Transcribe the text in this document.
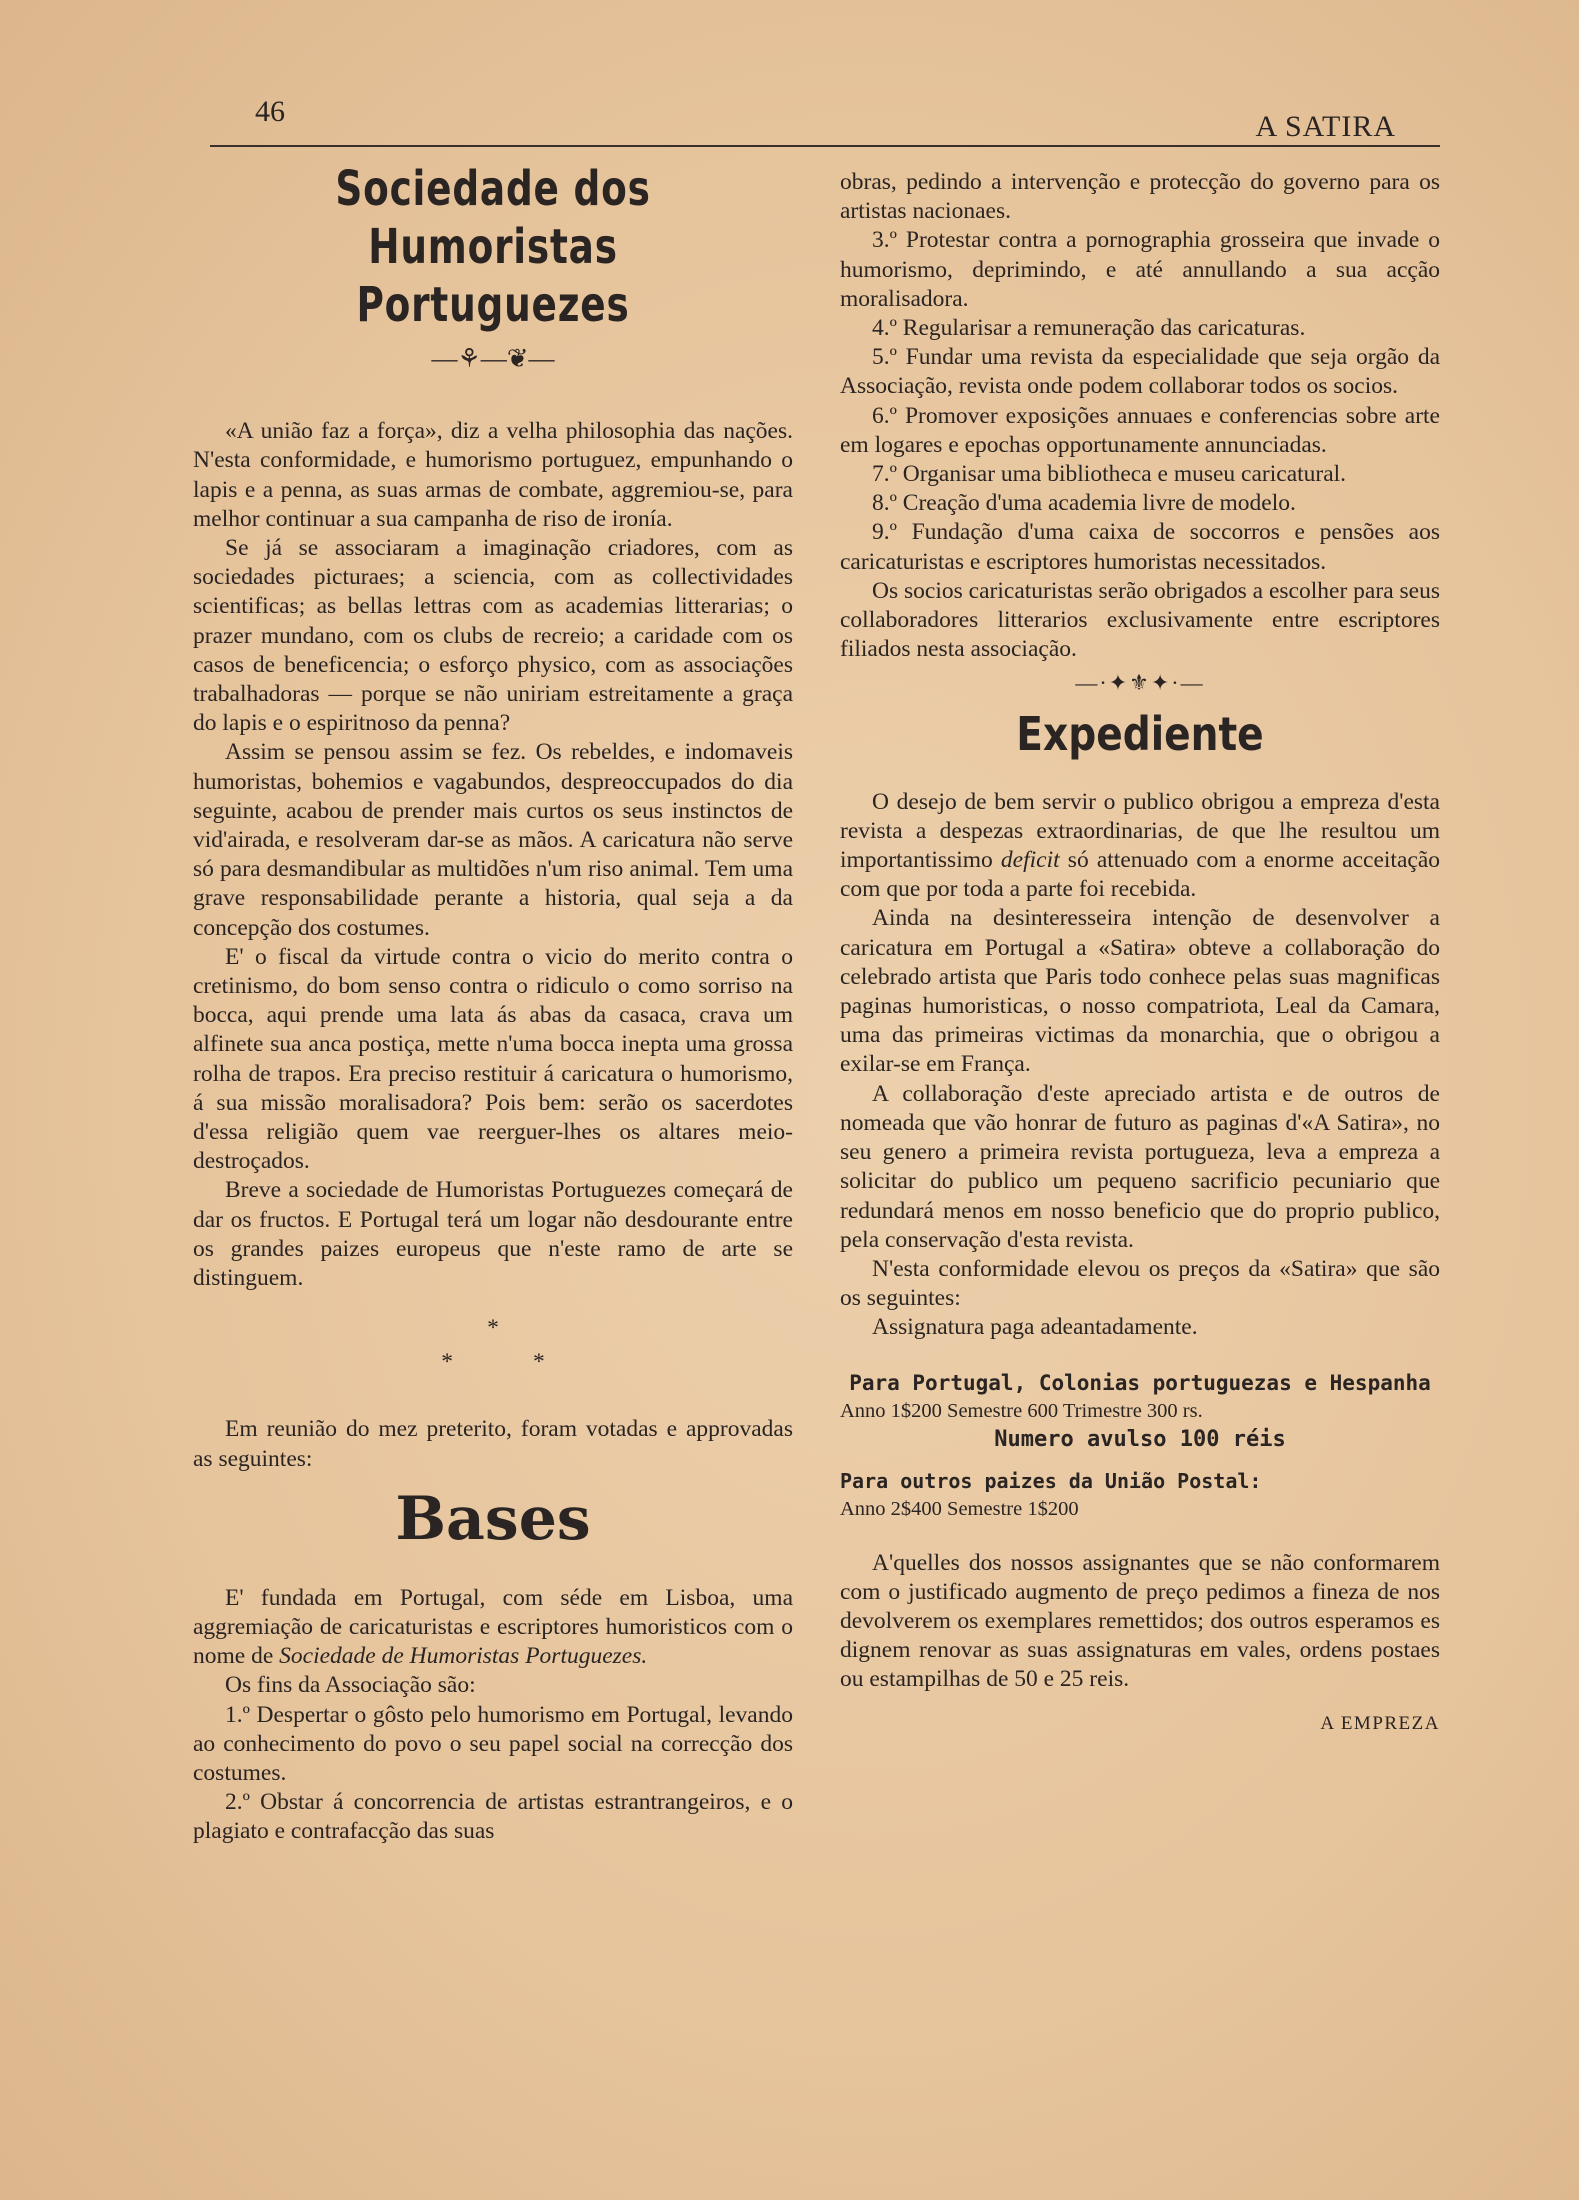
46	A SATIRA
Sociedade dos Humoristas
Portuguezes
—⚘—❦—

«A união faz a força», diz a velha philosophia das nações. N'esta conformidade, e humorismo portuguez, empunhando o lapis e a penna, as suas armas de combate, aggremiou-se, para melhor continuar a sua campanha de riso de ironía.

Se já se associaram a imaginação criadores, com as sociedades picturaes; a sciencia, com as collectividades scientificas; as bellas lettras com as academias litterarias; o prazer mundano, com os clubs de recreio; a caridade com os casos de beneficencia; o esforço physico, com as associações trabalhadoras — porque se não uniriam estreitamente a graça do lapis e o espiritnoso da penna?

Assim se pensou assim se fez. Os rebeldes, e indomaveis humoristas, bohemios e vagabundos, despreoccupados do dia seguinte, acabou de prender mais curtos os seus instinctos de vid'airada, e resolveram dar-se as mãos. A caricatura não serve só para desmandibular as multidões n'um riso animal. Tem uma grave responsabilidade perante a historia, qual seja a da concepção dos costumes.

E' o fiscal da virtude contra o vicio do merito contra o cretinismo, do bom senso contra o ridiculo o como sorriso na bocca, aqui prende uma lata ás abas da casaca, crava um alfinete sua anca postiça, mette n'uma bocca inepta uma grossa rolha de trapos. Era preciso restituir á caricatura o humorismo, á sua missão moralisadora? Pois bem: serão os sacerdotes d'essa religião quem vae reerguer-lhes os altares meio-destroçados.

Breve a sociedade de Humoristas Portuguezes começará de dar os fructos. E Portugal terá um logar não desdourante entre os grandes paizes europeus que n'este ramo de arte se distinguem.

*
*	*

Em reunião do mez preterito, foram votadas e approvadas as seguintes:

Bases

E' fundada em Portugal, com séde em Lisboa, uma aggremiação de caricaturistas e escriptores humoristicos com o nome de Sociedade de Humoristas Portuguezes.

Os fins da Associação são:

1.º Despertar o gôsto pelo humorismo em Portugal, levando ao conhecimento do povo o seu papel social na correcção dos costumes.

2.º Obstar á concorrencia de artistas estrantrangeiros, e o plagiato e contrafacção das suas

obras, pedindo a intervenção e protecção do governo para os artistas nacionaes.

3.º Protestar contra a pornographia grosseira que invade o humorismo, deprimindo, e até annullando a sua acção moralisadora.

4.º Regularisar a remuneração das caricaturas.

5.º Fundar uma revista da especialidade que seja orgão da Associação, revista onde podem collaborar todos os socios.

6.º Promover exposições annuaes e conferencias sobre arte em logares e epochas opportunamente annunciadas.

7.º Organisar uma bibliotheca e museu caricatural.

8.º Creação d'uma academia livre de modelo.

9.º Fundação d'uma caixa de soccorros e pensões aos caricaturistas e escriptores humoristas necessitados.

Os socios caricaturistas serão obrigados a escolher para seus collaboradores litterarios exclusivamente entre escriptores filiados nesta associação.

—·✦⚜✦·—
Expediente

O desejo de bem servir o publico obrigou a empreza d'esta revista a despezas extraordinarias, de que lhe resultou um importantissimo deficit só attenuado com a enorme acceitação com que por toda a parte foi recebida.

Ainda na desinteresseira intenção de desenvolver a caricatura em Portugal a «Satira» obteve a collaboração do celebrado artista que Paris todo conhece pelas suas magnificas paginas humoristicas, o nosso compatriota, Leal da Camara, uma das primeiras victimas da monarchia, que o obrigou a exilar-se em França.

A collaboração d'este apreciado artista e de outros de nomeada que vão honrar de futuro as paginas d'«A Satira», no seu genero a primeira revista portugueza, leva a empreza a solicitar do publico um pequeno sacrificio pecuniario que redundará menos em nosso beneficio que do proprio publico, pela conservação d'esta revista.

N'esta conformidade elevou os preços da «Satira» que são os seguintes:

Assignatura paga adeantadamente.

Para Portugal, Colonias portuguezas e Hespanha
Anno 1$200 Semestre 600 Trimestre 300 rs.
Numero avulso 100 réis
Para outros paizes da União Postal:
Anno 2$400 Semestre 1$200

A'quelles dos nossos assignantes que se não conformarem com o justificado augmento de preço pedimos a fineza de nos devolverem os exemplares remettidos; dos outros esperamos es dignem renovar as suas assignaturas em vales, ordens postaes ou estampilhas de 50 e 25 reis.

A EMPREZA
